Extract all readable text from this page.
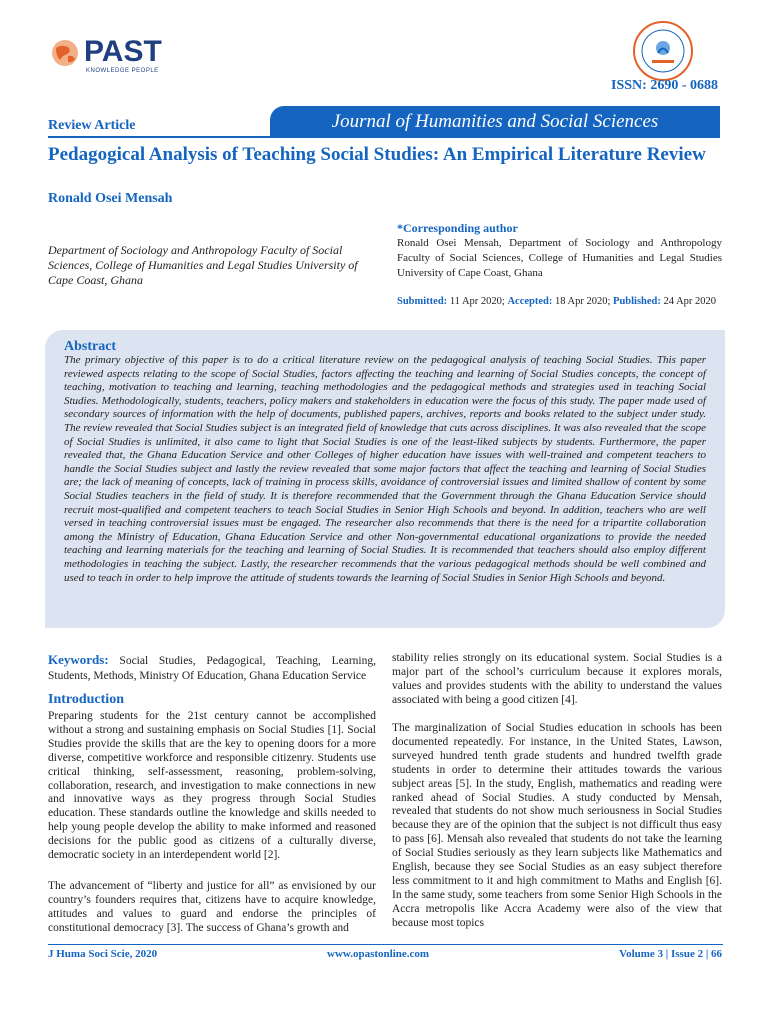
PAST
KNOWLEDGE PEOPLE
ISSN: 2690 - 0688
Review Article	Journal of Humanities and Social Sciences
Pedagogical Analysis of Teaching Social Studies: An Empirical Literature Review
Ronald Osei Mensah
Department of Sociology and Anthropology Faculty of Social Sciences, College of Humanities and Legal Studies University of Cape Coast, Ghana
*Corresponding author
Ronald Osei Mensah, Department of Sociology and Anthropology Faculty of Social Sciences, College of Humanities and Legal Studies University of Cape Coast, Ghana
Submitted: 11 Apr 2020; Accepted: 18 Apr 2020; Published: 24 Apr 2020
Abstract
The primary objective of this paper is to do a critical literature review on the pedagogical analysis of teaching Social Studies. This paper reviewed aspects relating to the scope of Social Studies, factors affecting the teaching and learning of Social Studies concepts, the concept of teaching, motivation to teaching and learning, teaching methodologies and the pedagogical methods and strategies used in teaching Social Studies. Methodologically, students, teachers, policy makers and stakeholders in education were the focus of this study. The paper made used of secondary sources of information with the help of documents, published papers, archives, reports and books related to the subject under study. The review revealed that Social Studies subject is an integrated field of knowledge that cuts across disciplines. It was also revealed that the scope of Social Studies is unlimited, it also came to light that Social Studies is one of the least-liked subjects by students. Furthermore, the paper revealed that, the Ghana Education Service and other Colleges of higher education have issues with well-trained and competent teachers to handle the Social Studies subject and lastly the review revealed that some major factors that affect the teaching and learning of Social Studies are; the lack of meaning of concepts, lack of training in process skills, avoidance of controversial issues and limited shallow of content by some Social Studies teachers in the field of study. It is therefore recommended that the Government through the Ghana Education Service should recruit most-qualified and competent teachers to teach Social Studies in Senior High Schools and beyond. In addition, teachers who are well versed in teaching controversial issues must be engaged. The researcher also recommends that there is the need for a tripartite collaboration among the Ministry of Education, Ghana Education Service and other Non-governmental educational organizations to provide the needed teaching and learning materials for the teaching and learning of Social Studies. It is recommended that teachers should also employ different methodologies in teaching the subject. Lastly, the researcher recommends that the various pedagogical methods should be well combined and used to teach in order to help improve the attitude of students towards the learning of Social Studies in Senior High Schools and beyond.
Keywords: Social Studies, Pedagogical, Teaching, Learning, Students, Methods, Ministry Of Education, Ghana Education Service
Introduction

Preparing students for the 21st century cannot be accomplished without a strong and sustaining emphasis on Social Studies [1]. Social Studies provide the skills that are the key to opening doors for a more diverse, competitive workforce and responsible citizenry. Students use critical thinking, self-assessment, reasoning, problem-solving, collaboration, research, and investigation to make connections in new and innovative ways as they progress through Social Studies education. These standards outline the knowledge and skills needed to help young people develop the ability to make informed and reasoned decisions for the public good as citizens of a culturally diverse, democratic society in an interdependent world [2].

The advancement of “liberty and justice for all” as envisioned by our country’s founders requires that, citizens have to acquire knowledge, attitudes and values to guard and endorse the principles of constitutional democracy [3]. The success of Ghana’s growth and

stability relies strongly on its educational system. Social Studies is a major part of the school’s curriculum because it explores morals, values and provides students with the ability to understand the values associated with being a good citizen [4].

The marginalization of Social Studies education in schools has been documented repeatedly. For instance, in the United States, Lawson, surveyed hundred tenth grade students and hundred twelfth grade students in order to determine their attitudes towards the various subject areas [5]. In the study, English, mathematics and reading were ranked ahead of Social Studies. A study conducted by Mensah, revealed that students do not show much seriousness in Social Studies because they are of the opinion that the subject is not difficult thus easy to pass [6]. Mensah also revealed that students do not take the learning of Social Studies seriously as they learn subjects like Mathematics and English, because they see Social Studies as an easy subject therefore less commitment to it and high commitment to Maths and English [6]. In the same study, some teachers from some Senior High Schools in the Accra metropolis like Accra Academy were also of the view that because most topics

J Huma Soci Scie, 2020	www.opastonline.com	Volume 3 | Issue 2 | 66
